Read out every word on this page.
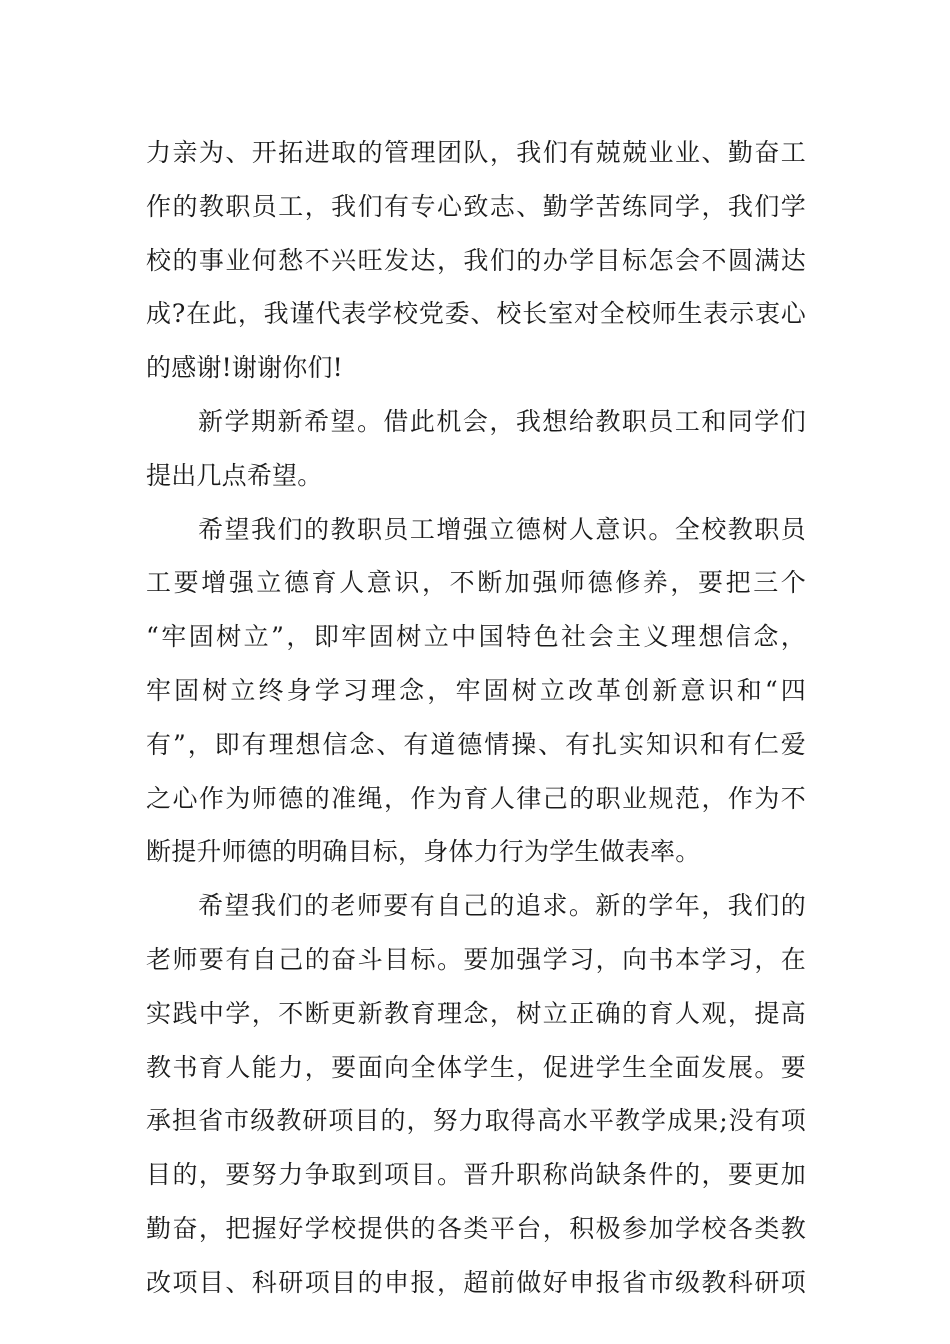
力亲为、开拓进取的管理团队，我们有兢兢业业、勤奋工
作的教职员工，我们有专心致志、勤学苦练同学，我们学
校的事业何愁不兴旺发达，我们的办学目标怎会不圆满达
成?在此，我谨代表学校党委、校长室对全校师生表示衷心
的感谢!谢谢你们!
新学期新希望。借此机会，我想给教职员工和同学们
提出几点希望。
希望我们的教职员工增强立德树人意识。全校教职员
工要增强立德育人意识，不断加强师德修养，要把三个
“牢固树立”，即牢固树立中国特色社会主义理想信念，
牢固树立终身学习理念，牢固树立改革创新意识和“四
有”，即有理想信念、有道德情操、有扎实知识和有仁爱
之心作为师德的准绳，作为育人律己的职业规范，作为不
断提升师德的明确目标，身体力行为学生做表率。
希望我们的老师要有自己的追求。新的学年，我们的
老师要有自己的奋斗目标。要加强学习，向书本学习，在
实践中学，不断更新教育理念，树立正确的育人观，提高
教书育人能力，要面向全体学生，促进学生全面发展。要
承担省市级教研项目的，努力取得高水平教学成果;没有项
目的，要努力争取到项目。晋升职称尚缺条件的，要更加
勤奋，把握好学校提供的各类平台，积极参加学校各类教
改项目、科研项目的申报，超前做好申报省市级教科研项
